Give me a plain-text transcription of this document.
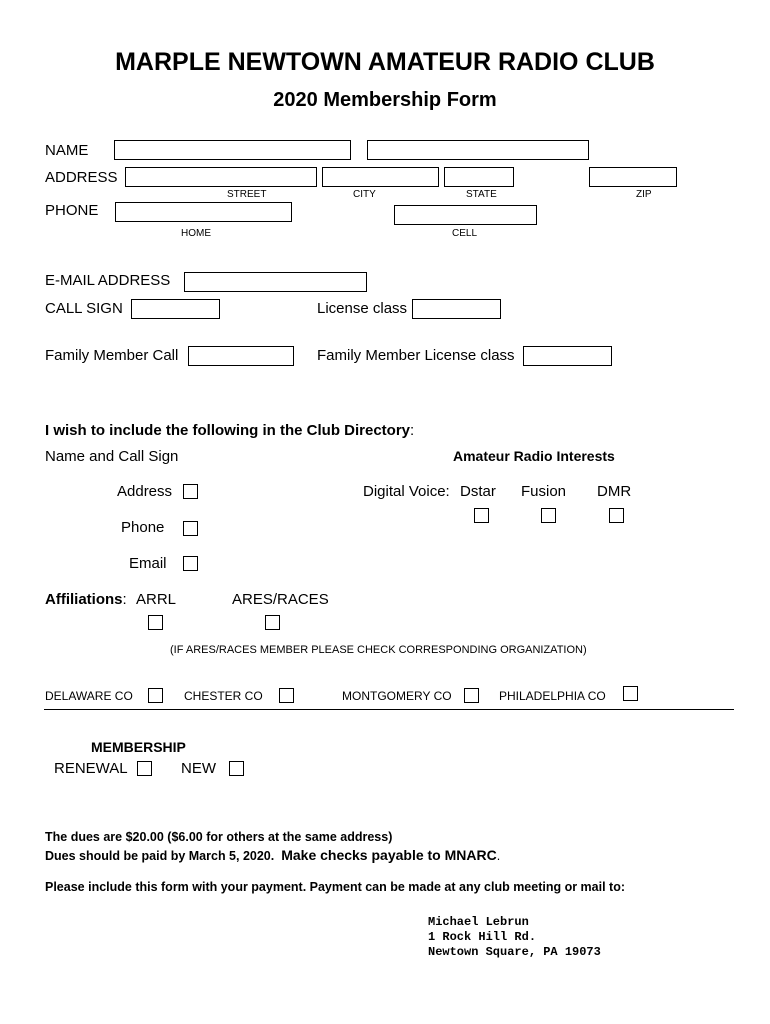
MARPLE NEWTOWN AMATEUR RADIO CLUB
2020 Membership Form
NAME
ADDRESS
STREET	CITY	STATE	ZIP
PHONE
HOME	CELL
E-MAIL ADDRESS
CALL SIGN	License class
Family Member Call	Family Member License class
I wish to include the following in the Club Directory:
Name and Call Sign	Amateur Radio Interests
Address
Phone
Email
Digital Voice: Dstar Fusion DMR
Affiliations: ARRL	ARES/RACES
(IF ARES/RACES MEMBER PLEASE CHECK CORRESPONDING ORGANIZATION)
DELAWARE CO	CHESTER CO	MONTGOMERY CO	PHILADELPHIA CO
MEMBERSHIP
RENEWAL	NEW
The dues are $20.00 ($6.00 for others at the same address)
Dues should be paid by March 5, 2020. Make checks payable to MNARC.
Please include this form with your payment. Payment can be made at any club meeting or mail to:
Michael Lebrun
1 Rock Hill Rd.
Newtown Square, PA 19073
